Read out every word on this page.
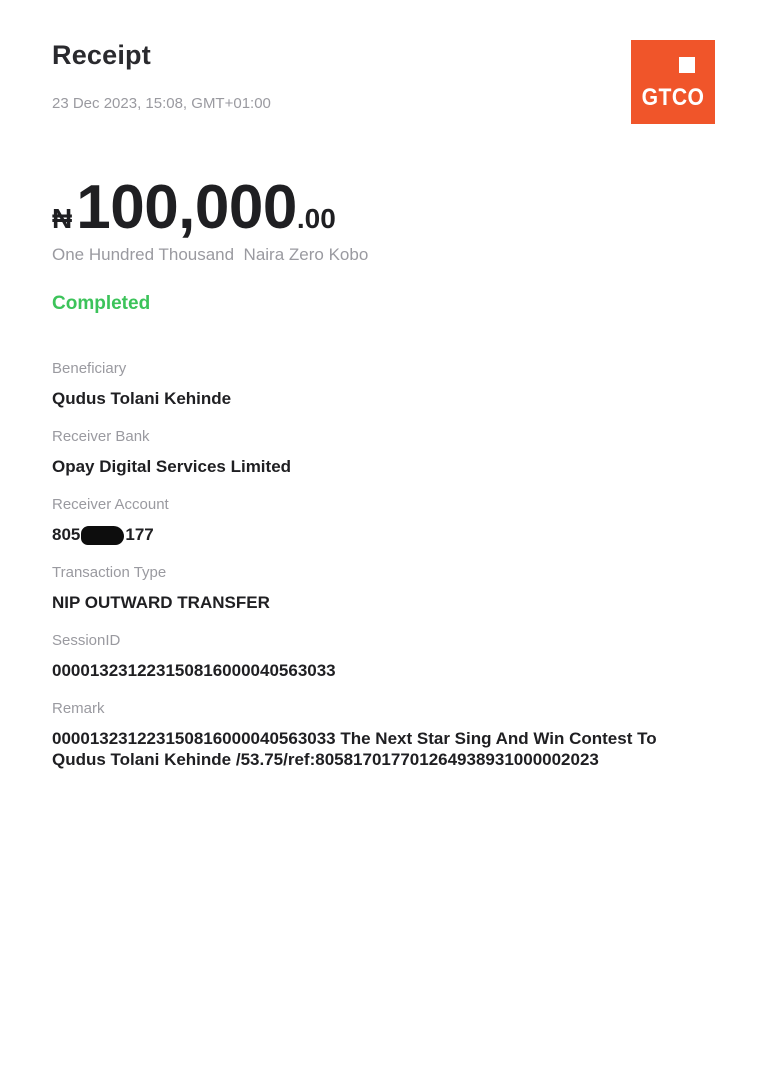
Receipt
23 Dec 2023, 15:08, GMT+01:00	GTCO
₦ 100,000 .00
One Hundred Thousand  Naira Zero Kobo
Completed
Beneficiary
Qudus Tolani Kehinde
Receiver Bank
Opay Digital Services Limited
Receiver Account
805	177
Transaction Type
NIP OUTWARD TRANSFER
SessionID
000013231223150816000040563033
Remark
000013231223150816000040563033 The Next Star Sing And Win Contest To
Qudus Tolani Kehinde /53.75/ref:80581701770126493893100000202​3
